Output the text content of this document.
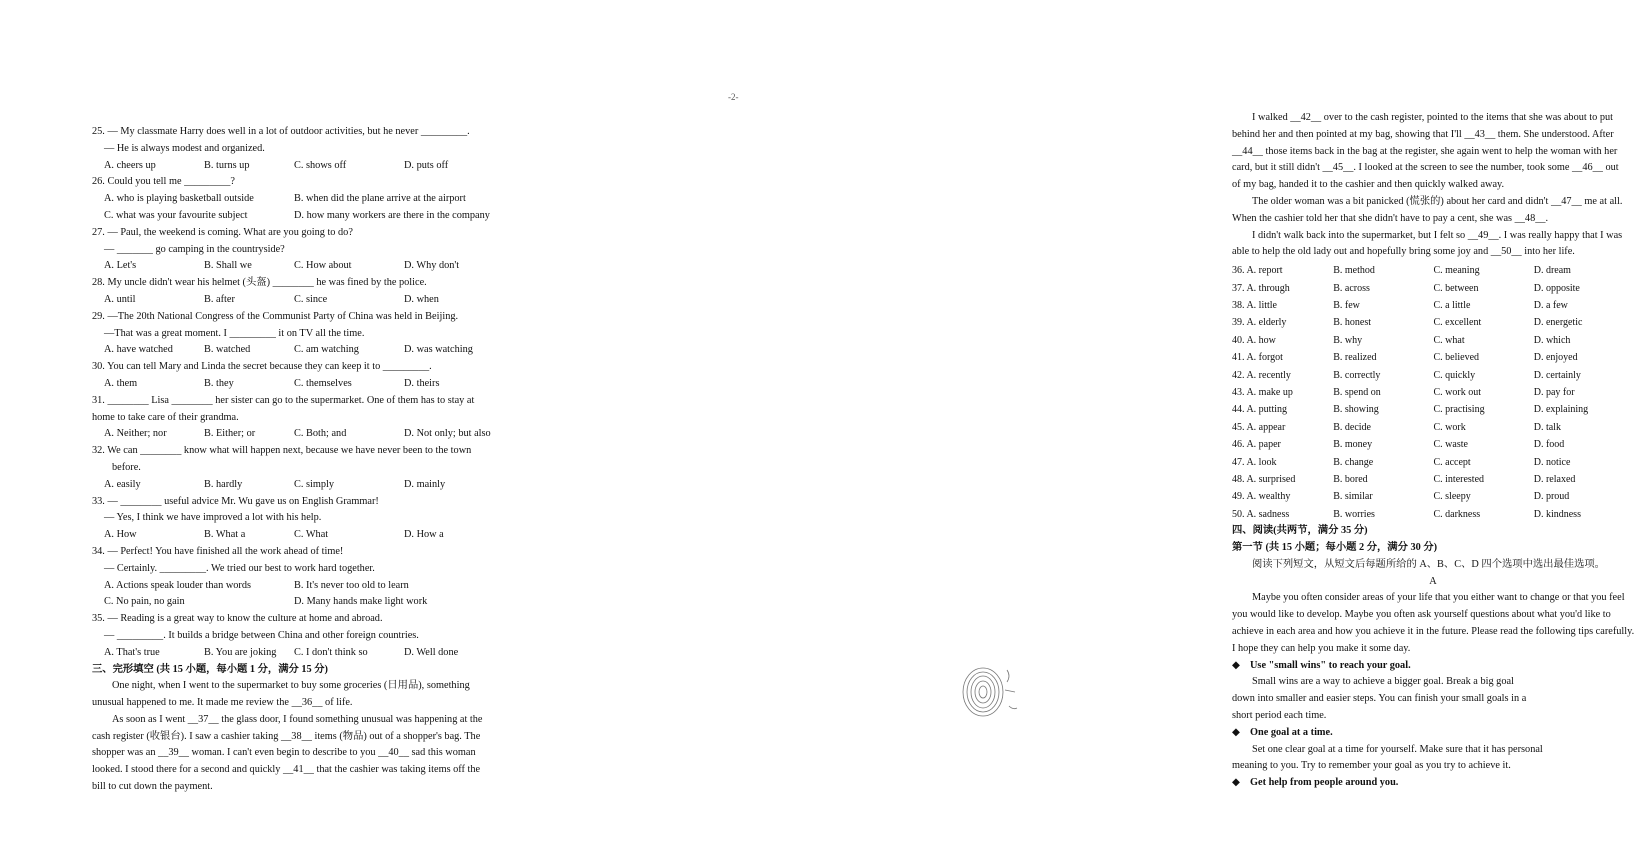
25. — My classmate Harry does well in a lot of outdoor activities, but he never _________.
— He is always modest and organized.
A. cheers up	B. turns up	C. shows off	D. puts off
26. Could you tell me _________?
A. who is playing basketball outside	B. when did the plane arrive at the airport
C. what was your favourite subject	D. how many workers are there in the company
27. — Paul, the weekend is coming. What are you going to do?
— _______ go camping in the countryside?
A. Let's	B. Shall we	C. How about	D. Why don't
28. My uncle didn't wear his helmet (头盔) ________ he was fined by the police.
A. until	B. after	C. since	D. when
29. —The 20th National Congress of the Communist Party of China was held in Beijing.
—That was a great moment. I _________ it on TV all the time.
A. have watched	B. watched	C. am watching	D. was watching
30. You can tell Mary and Linda the secret because they can keep it to _________.
A. them	B. they	C. themselves	D. theirs
31. ________ Lisa ________ her sister can go to the supermarket. One of them has to stay at
home to take care of their grandma.
A. Neither; nor	B. Either; or	C. Both; and	D. Not only; but also
32. We can ________ know what will happen next, because we have never been to the town
before.
A. easily	B. hardly	C. simply	D. mainly
33. — ________ useful advice Mr. Wu gave us on English Grammar!
— Yes, I think we have improved a lot with his help.
A. How	B. What a	C. What	D. How a
34. — Perfect! You have finished all the work ahead of time!
— Certainly. _________. We tried our best to work hard together.
A. Actions speak louder than words	B. It's never too old to learn
C. No pain, no gain	D. Many hands make light work
35. — Reading is a great way to know the culture at home and abroad.
— _________. It builds a bridge between China and other foreign countries.
A. That's true	B. You are joking	C. I don't think so	D. Well done
三、完形填空 (共 15 小题，每小题 1 分，满分 15 分)
One night, when I went to the supermarket to buy some groceries (日用品), something
unusual happened to me. It made me review the __36__ of life.
As soon as I went __37__ the glass door, I found something unusual was happening at the
cash register (收银台). I saw a cashier taking __38__ items (物品) out of a shopper's bag. The
shopper was an __39__ woman. I can't even begin to describe to you __40__ sad this woman
looked. I stood there for a second and quickly __41__ that the cashier was taking items off the
bill to cut down the payment.
-2-
I walked __42__ over to the cash register, pointed to the items that she was about to put
behind her and then pointed at my bag, showing that I'll __43__ them. She understood. After
__44__ those items back in the bag at the register, she again went to help the woman with her
card, but it still didn't __45__. I looked at the screen to see the number, took some __46__ out
of my bag, handed it to the cashier and then quickly walked away.
The older woman was a bit panicked (慌张的) about her card and didn't __47__ me at all.
When the cashier told her that she didn't have to pay a cent, she was __48__.
I didn't walk back into the supermarket, but I felt so __49__. I was really happy that I was
able to help the old lady out and hopefully bring some joy and __50__ into her life.
36. A. report	B. method	C. meaning	D. dream
37. A. through	B. across	C. between	D. opposite
38. A. little	B. few	C. a little	D. a few
39. A. elderly	B. honest	C. excellent	D. energetic
40. A. how	B. why	C. what	D. which
41. A. forgot	B. realized	C. believed	D. enjoyed
42. A. recently	B. correctly	C. quickly	D. certainly
43. A. make up	B. spend on	C. work out	D. pay for
44. A. putting	B. showing	C. practising	D. explaining
45. A. appear	B. decide	C. work	D. talk
46. A. paper	B. money	C. waste	D. food
47. A. look	B. change	C. accept	D. notice
48. A. surprised	B. bored	C. interested	D. relaxed
49. A. wealthy	B. similar	C. sleepy	D. proud
50. A. sadness	B. worries	C. darkness	D. kindness
四、阅读(共两节，满分 35 分)
第一节 (共 15 小题；每小题 2 分，满分 30 分)
阅读下列短文，从短文后每题所给的 A、B、C、D 四个选项中选出最佳选项。
A
Maybe you often consider areas of your life that you either want to change or that you feel
you would like to develop. Maybe you often ask yourself questions about what you'd like to
achieve in each area and how you achieve it in the future. Please read the following tips carefully.
I hope they can help you make it some day.
◆ Use "small wins" to reach your goal.
Small wins are a way to achieve a bigger goal. Break a big goal
down into smaller and easier steps. You can finish your small goals in a
short period each time.
◆ One goal at a time.
Set one clear goal at a time for yourself. Make sure that it has personal
meaning to you. Try to remember your goal as you try to achieve it.
◆ Get help from people around you.
